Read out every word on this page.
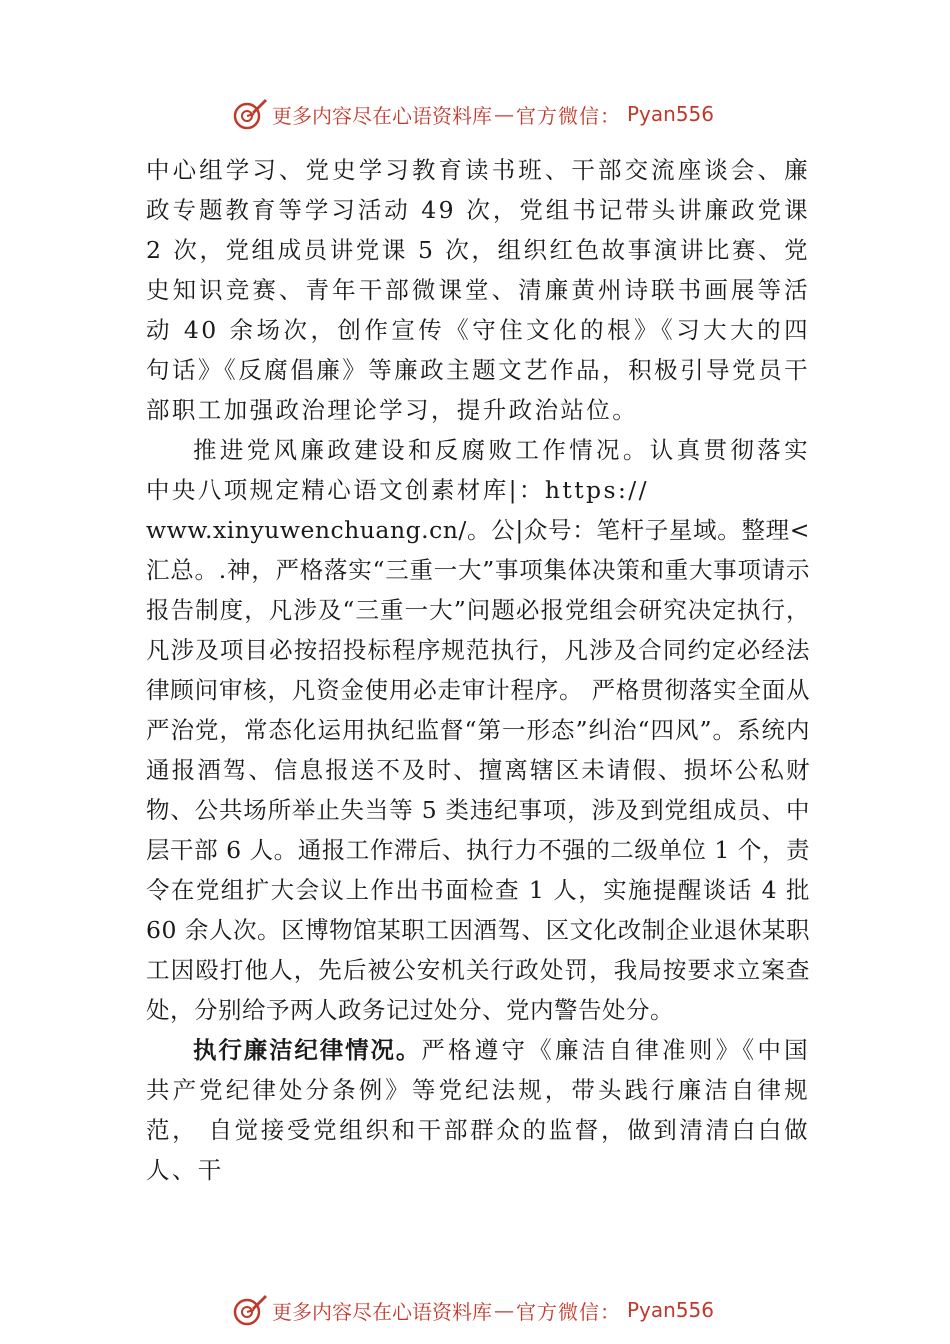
更多内容尽在心语资料库 — 官方微信： Pyan556

中心组学习、党史学习教育读书班、干部交流座谈会、廉政专题教育等学习活动 49 次，党组书记带头讲廉政党课 2 次，党组成员讲党课 5 次，组织红色故事演讲比赛、党史知识竞赛、青年干部微课堂、清廉黄州诗联书画展等活动 40 余场次，创作宣传《守住文化的根》《习大大的四句话》《反腐倡廉》等廉政主题文艺作品，积极引导党员干部职工加强政治理论学习，提升政治站位。

推进党风廉政建设和反腐败工作情况。认真贯彻落实中央八项规定精心语文创素材库|：https://

www.xinyuwenchuang.cn/。公|众号：笔杆子星域。整理<汇总。.神，严格落实“三重一大”事项集体决策和重大事项请示报告制度，凡涉及“三重一大”问题必报党组会研究决定执行，凡涉及项目必按招投标程序规范执行，凡涉及合同约定必经法律顾问审核，凡资金使用必走审计程序。 严格贯彻落实全面从严治党，常态化运用执纪监督“第一形态”纠治“四风”。系统内通报酒驾、信息报送不及时、擅离辖区未请假、损坏公私财物、公共场所举止失当等 5 类违纪事项，涉及到党组成员、中层干部 6 人。通报工作滞后、执行力不强的二级单位 1 个，责令在党组扩大会议上作出书面检查 1 人，实施提醒谈话 4 批 60 余人次。区博物馆某职工因酒驾、区文化改制企业退休某职工因殴打他人，先后被公安机关行政处罚，我局按要求立案查处，分别给予两人政务记过处分、党内警告处分。

执行廉洁纪律情况。严格遵守《廉洁自律准则》《中国共产党纪律处分条例》等党纪法规，带头践行廉洁自律规范， 自觉接受党组织和干部群众的监督，做到清清白白做人、干

更多内容尽在心语资料库 — 官方微信： Pyan556
